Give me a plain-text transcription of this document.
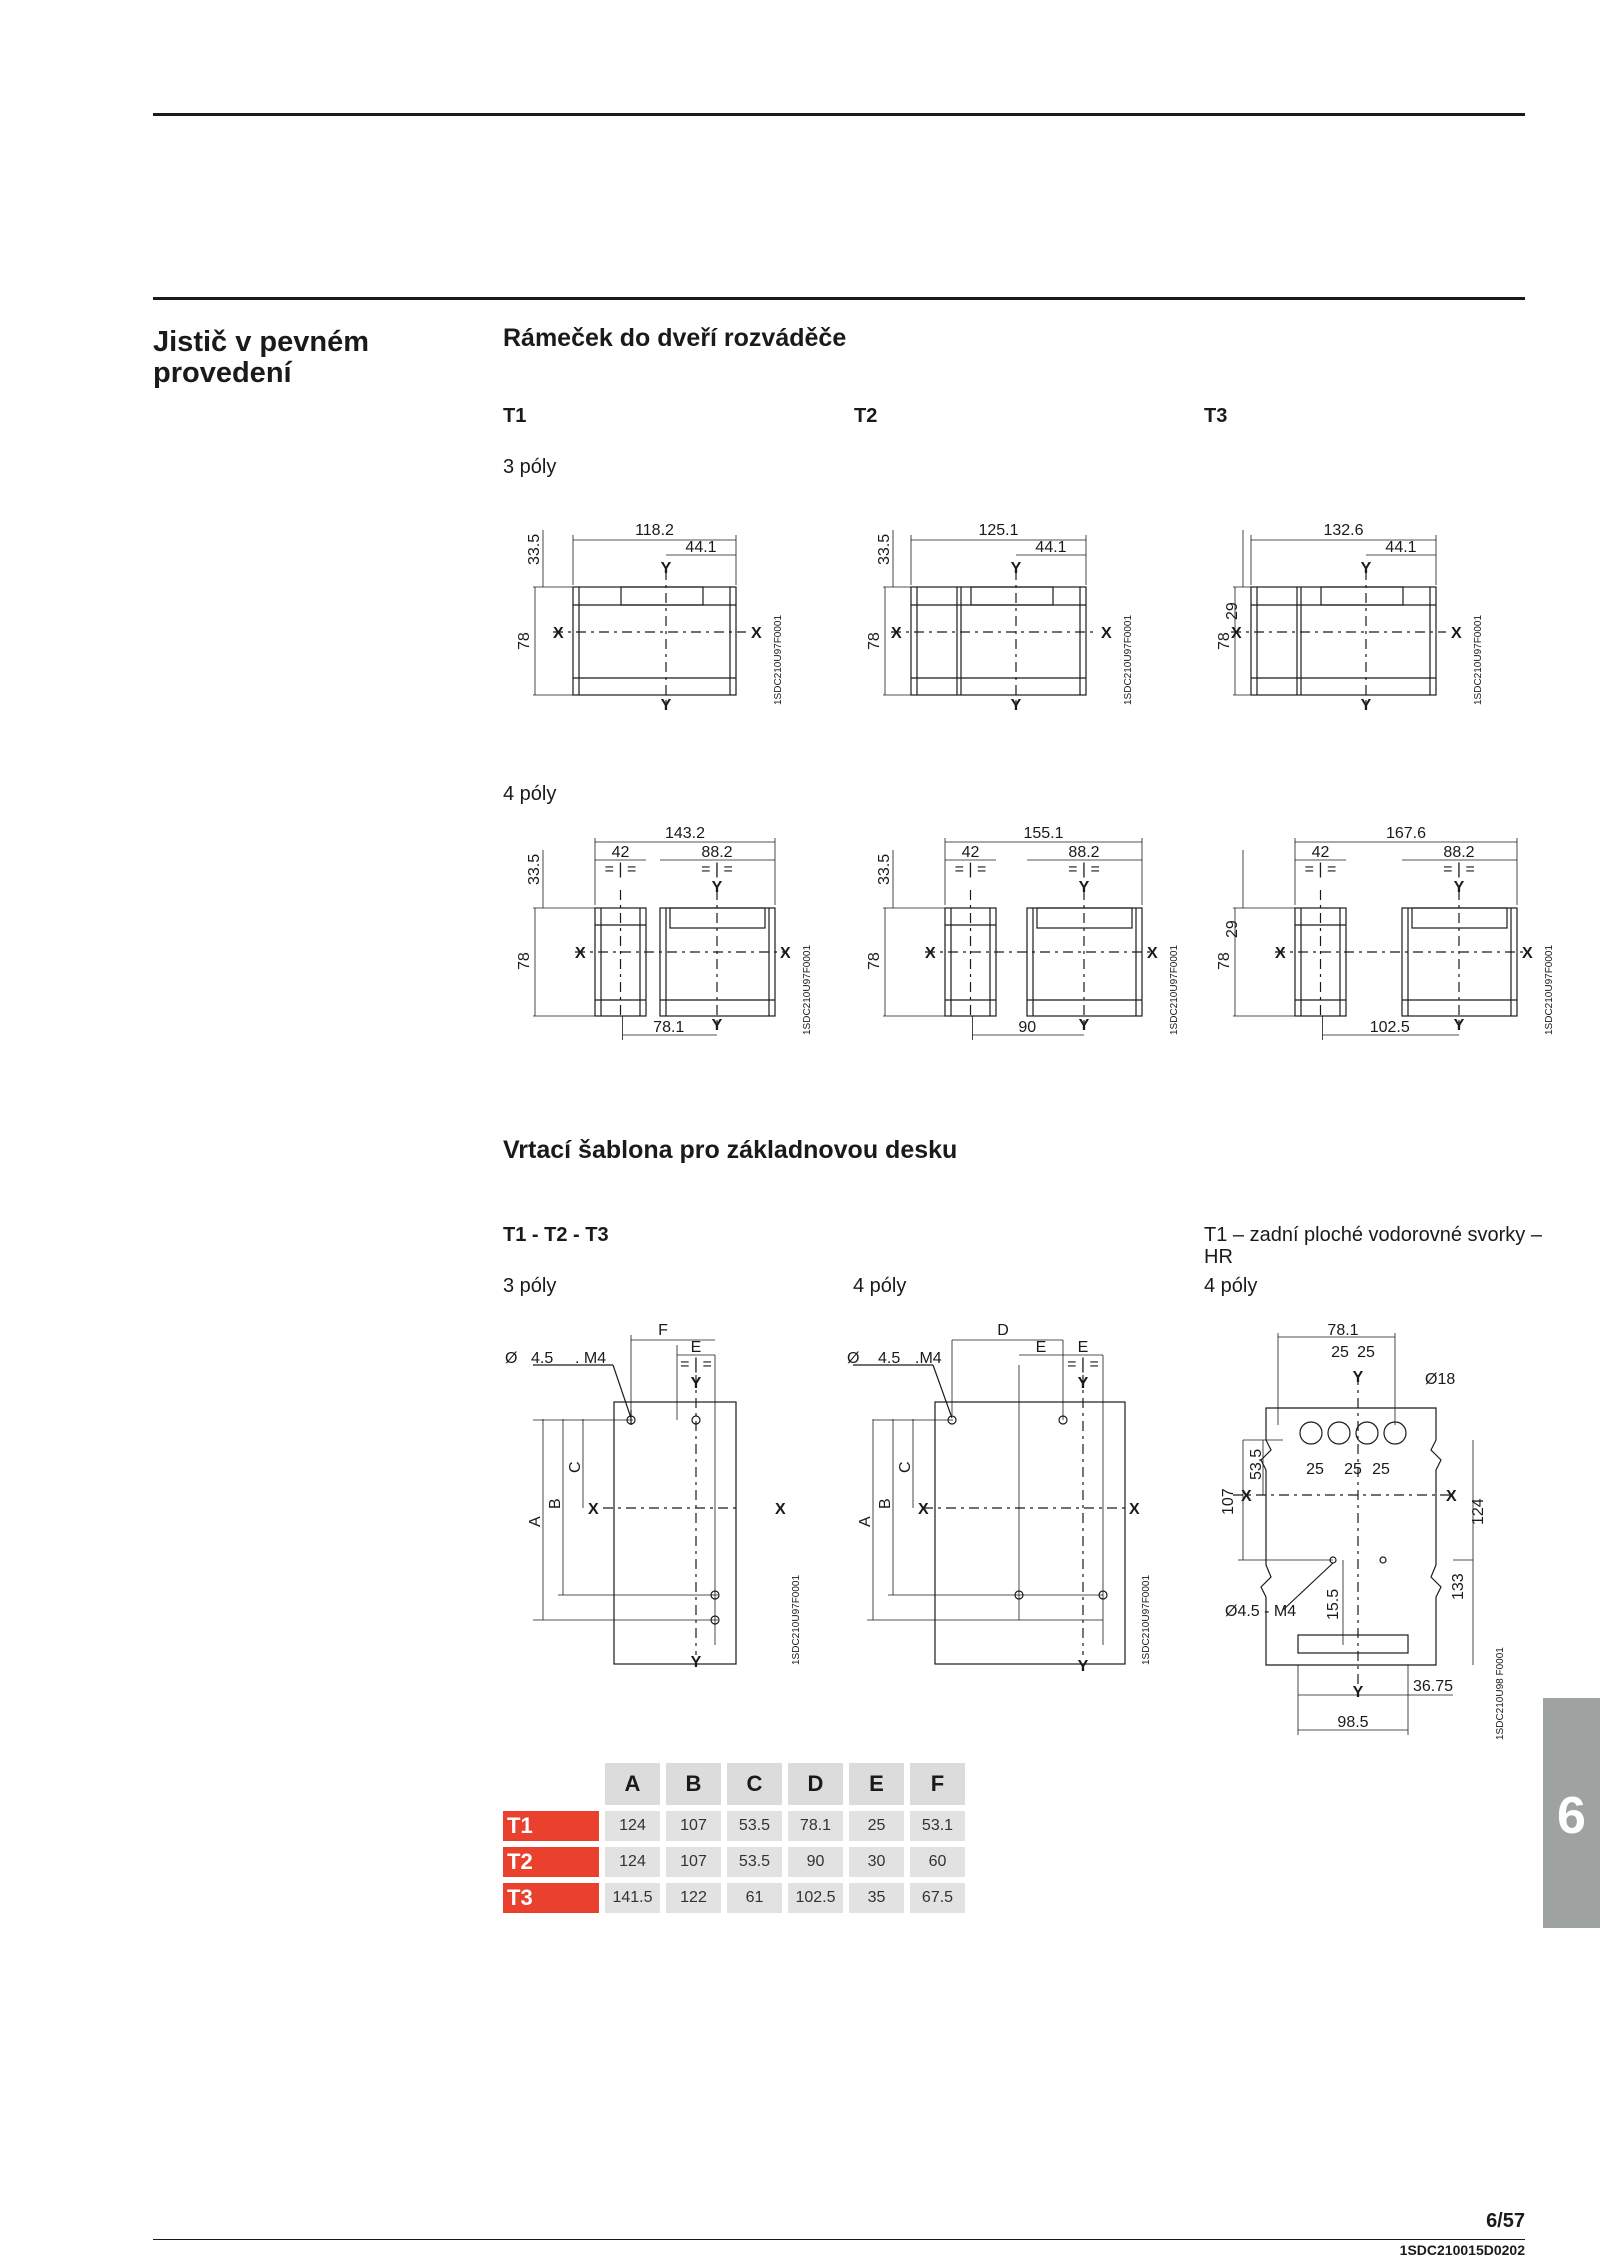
Jistič v pevném provedení
Rámeček do dveří rozváděče
T1	T2	T3
3 póly
4 póly
118.2
44.1
33.5
78 X	X
Y
Y
1SDC210U97F0001
125.1
44.1
33.5
78 X	X
Y
Y
1SDC210U97F0001
132.6
44.1
29
78
X	X
Y
Y
1SDC210U97F0001
143.2
42	88.2
= | =	= | =
78.1
33.5
78	X	X
Y
Y	1SDC210U97F0001
155.1
42	88.2
= | =	= | =
90
33.5
78	X	X
Y
Y	1SDC210U97F0001
167.6
42	88.2
= | =	= | =
102.5
29
78	X	X
Y
Y	1SDC210U97F0001
Vrtací šablona pro základnovou desku
T1 - T2 - T3
3 póly	4 póly
T1 – zadní ploché vodorovné svorky – HR
4 póly
F
E
= | =
Y
Y
X	X
Ø 4.5 . M4
A
B
C
1SDC210U97F0001
D
E E
= | =
Y
Y
X	X
Ø 4.5 .M4
A
B
C
1SDC210U97F0001
78.1
25 25
Y
Y
Ø18
25 25 25
X	X
107
53.5
124
133
15.5
Ø4.5 - M4
36.75
98.5	1SDC210U98 F0001
		A		B		C		D		E		F
T1		124		107		53.5		78.1		25		53.1
T2		124		107		53.5		90		30		60
T3		141.5		122		61		102.5		35		67.5
6
6/57
1SDC210015D0202
